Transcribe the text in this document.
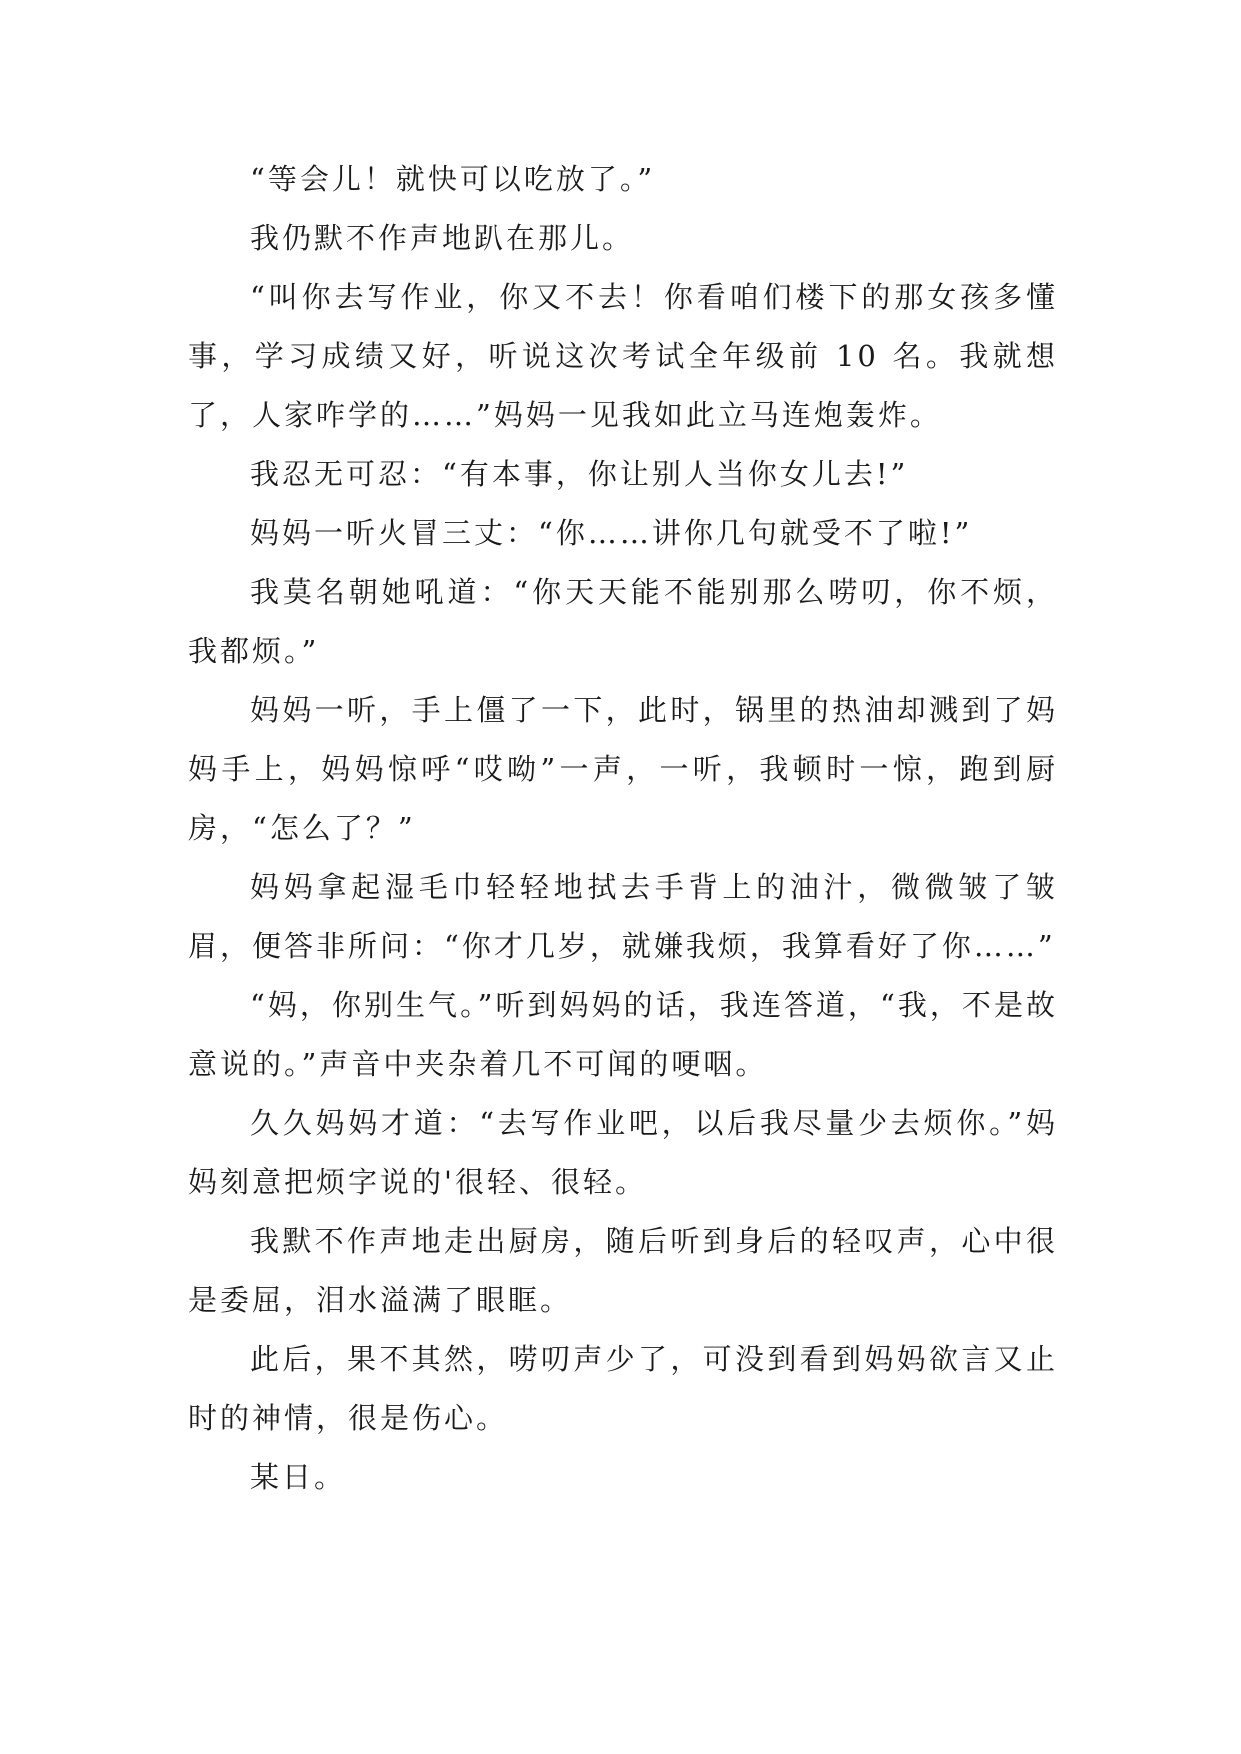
“等会儿！就快可以吃放了。”

我仍默不作声地趴在那儿。

“叫你去写作业，你又不去！你看咱们楼下的那女孩多懂事，学习成绩又好，听说这次考试全年级前 10 名。我就想了，人家咋学的……”妈妈一见我如此立马连炮轰炸。

我忍无可忍：“有本事，你让别人当你女儿去!”

妈妈一听火冒三丈：“你……讲你几句就受不了啦!”

我莫名朝她吼道：“你天天能不能别那么唠叨，你不烦，我都烦。”

妈妈一听，手上僵了一下，此时，锅里的热油却溅到了妈妈手上，妈妈惊呼“哎呦”一声，一听，我顿时一惊，跑到厨房，“怎么了？”

妈妈拿起湿毛巾轻轻地拭去手背上的油汁，微微皱了皱眉，便答非所问：“你才几岁，就嫌我烦，我算看好了你……”

“妈，你别生气。”听到妈妈的话，我连答道，“我，不是故意说的。”声音中夹杂着几不可闻的哽咽。

久久妈妈才道：“去写作业吧，以后我尽量少去烦你。”妈妈刻意把烦字说的'很轻、很轻。

我默不作声地走出厨房，随后听到身后的轻叹声，心中很是委屈，泪水溢满了眼眶。

此后，果不其然，唠叨声少了，可没到看到妈妈欲言又止时的神情，很是伤心。

某日。
